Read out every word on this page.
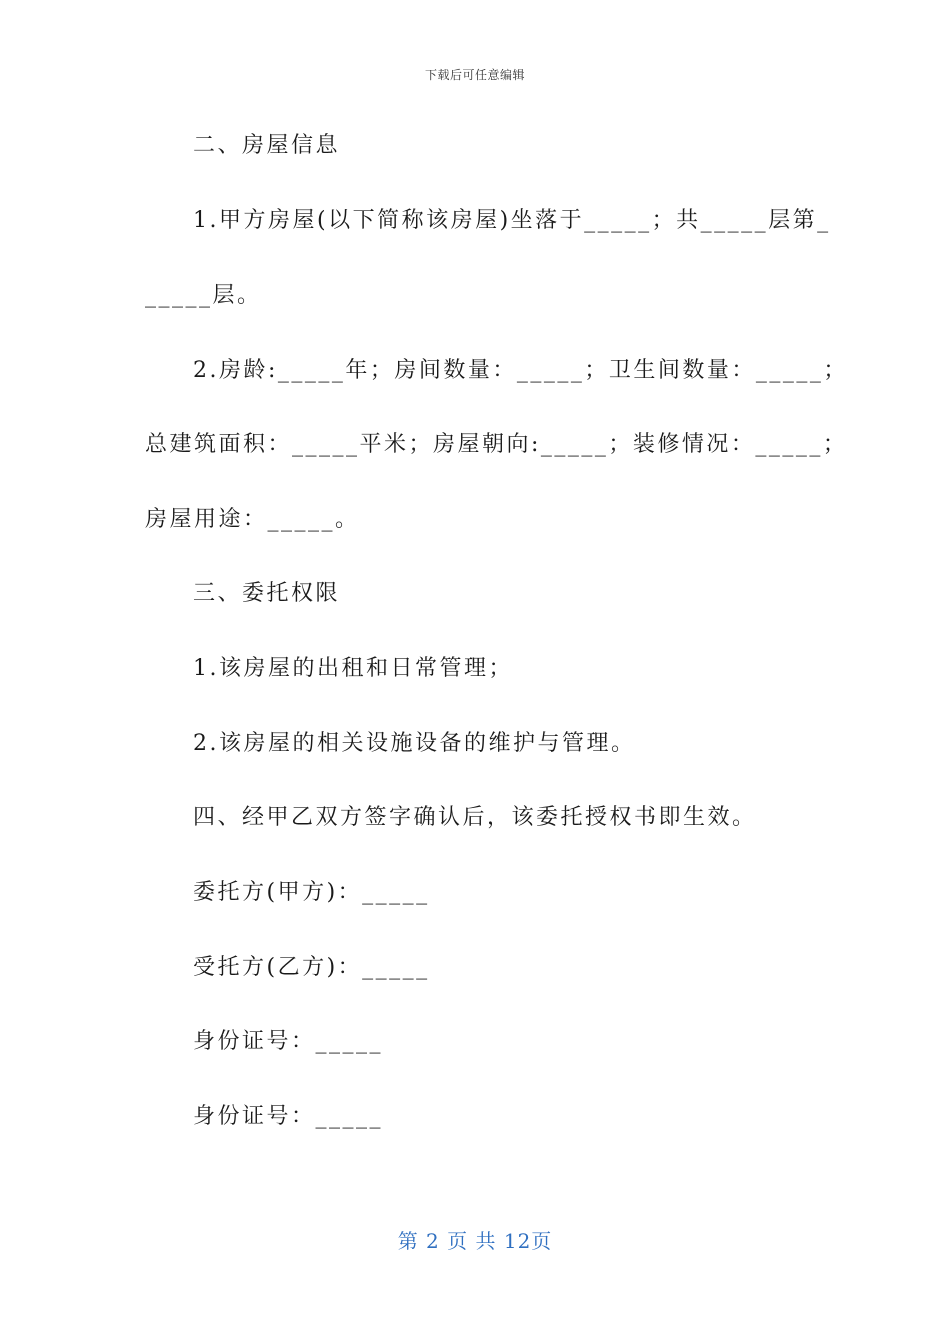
下载后可任意编辑
二、房屋信息
1.甲方房屋(以下简称该房屋)坐落于_____；共_____层第_
_____层。
2.房龄:_____年；房间数量：_____；卫生间数量：_____；
总建筑面积：_____平米；房屋朝向:_____；装修情况：_____；
房屋用途：_____。
三、委托权限
1.该房屋的出租和日常管理；
2.该房屋的相关设施设备的维护与管理。
四、经甲乙双方签字确认后，该委托授权书即生效。
委托方(甲方)：_____
受托方(乙方)：_____
身份证号：_____
身份证号：_____
第 2 页 共 12页
